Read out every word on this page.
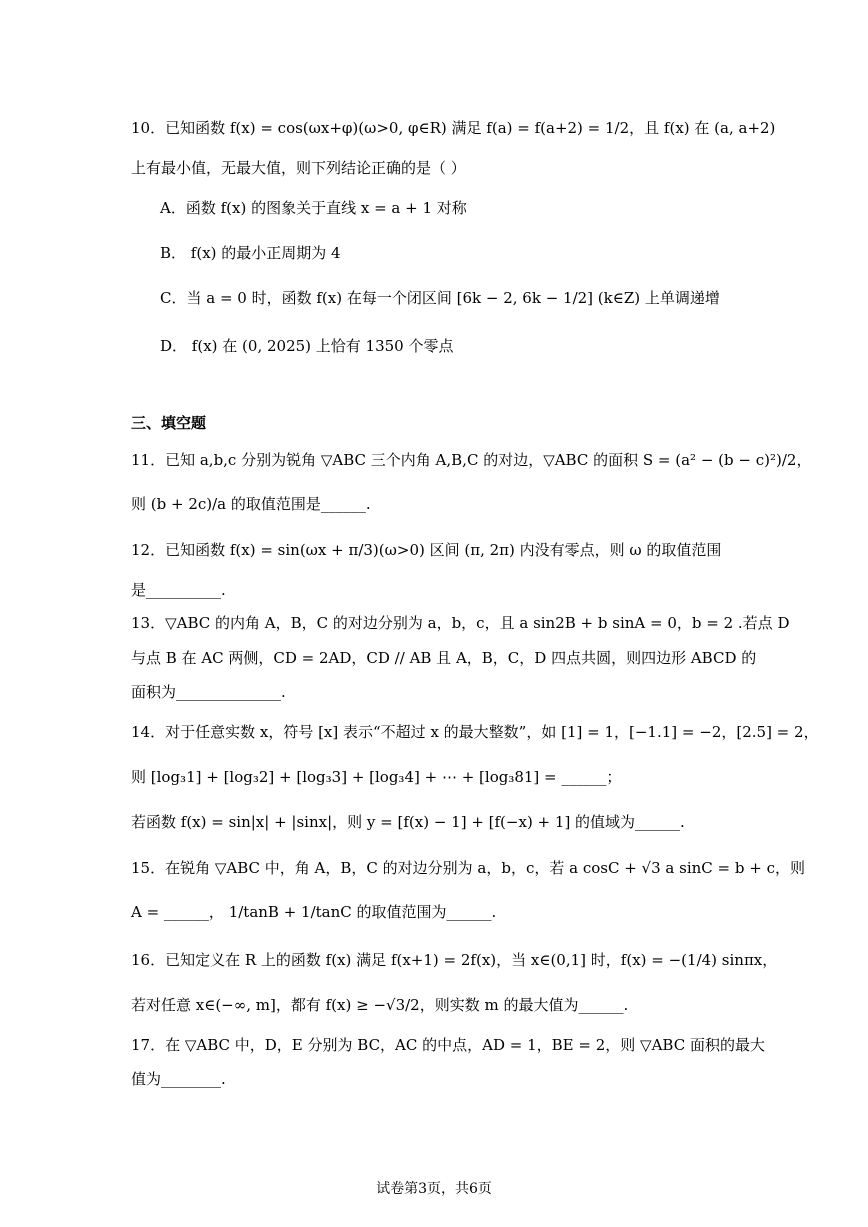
10．已知函数 f(x) = cos(ωx+φ)(ω>0, φ∈R) 满足 f(a) = f(a+2) = 1/2，且 f(x) 在 (a, a+2)
上有最小值，无最大值，则下列结论正确的是（ ）
A．函数 f(x) 的图象关于直线 x = a + 1 对称
B． f(x) 的最小正周期为 4
C．当 a = 0 时，函数 f(x) 在每一个闭区间 [6k − 2, 6k − 1/2] (k∈Z) 上单调递增
D． f(x) 在 (0, 2025) 上恰有 1350 个零点
三、填空题
11．已知 a,b,c 分别为锐角 ▽ABC 三个内角 A,B,C 的对边，▽ABC 的面积 S = (a² − (b − c)²)/2，
则 (b + 2c)/a 的取值范围是______.
12．已知函数 f(x) = sin(ωx + π/3)(ω>0) 区间 (π, 2π) 内没有零点，则 ω 的取值范围
是__________.
13．▽ABC 的内角 A，B，C 的对边分别为 a，b，c，且 a sin2B + b sinA = 0，b = 2 .若点 D
与点 B 在 AC 两侧，CD = 2AD，CD // AB 且 A，B，C，D 四点共圆，则四边形 ABCD 的
面积为______________.
14．对于任意实数 x，符号 [x] 表示“不超过 x 的最大整数”，如 [1] = 1，[−1.1] = −2，[2.5] = 2，
则 [log₃1] + [log₃2] + [log₃3] + [log₃4] + ⋯ + [log₃81] = ______；
若函数 f(x) = sin|x| + |sinx|，则 y = [f(x) − 1] + [f(−x) + 1] 的值域为______.
15．在锐角 ▽ABC 中，角 A，B，C 的对边分别为 a，b，c，若 a cosC + √3 a sinC = b + c，则
A = ______， 1/tanB + 1/tanC 的取值范围为______.
16．已知定义在 R 上的函数 f(x) 满足 f(x+1) = 2f(x)，当 x∈(0,1] 时，f(x) = −(1/4) sinπx，
若对任意 x∈(−∞, m]，都有 f(x) ≥ −√3/2，则实数 m 的最大值为______.
17．在 ▽ABC 中，D，E 分别为 BC，AC 的中点，AD = 1，BE = 2，则 ▽ABC 面积的最大
值为________.
试卷第3页，共6页
